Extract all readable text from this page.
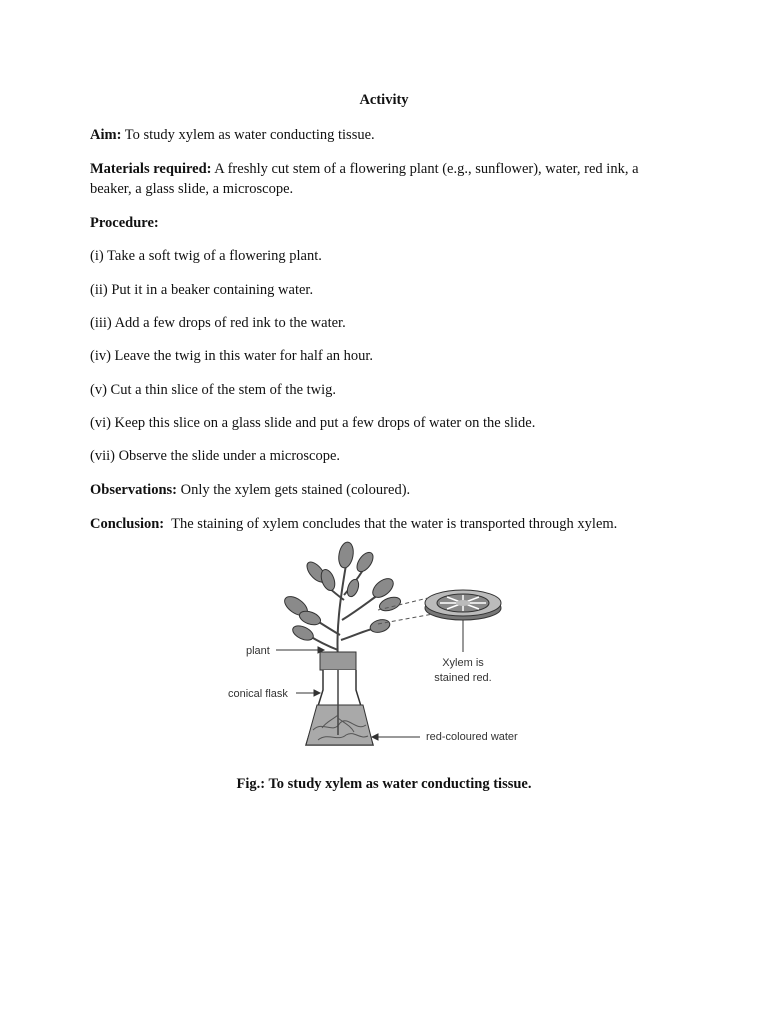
Activity
Aim: To study xylem as water conducting tissue.
Materials required: A freshly cut stem of a flowering plant (e.g., sunflower), water, red ink, a
beaker, a glass slide, a microscope.
Procedure:
(i) Take a soft twig of a flowering plant.
(ii) Put it in a beaker containing water.
(iii) Add a few drops of red ink to the water.
(iv) Leave the twig in this water for half an hour.
(v) Cut a thin slice of the stem of the twig.
(vi) Keep this slice on a glass slide and put a few drops of water on the slide.
(vii) Observe the slide under a microscope.
Observations: Only the xylem gets stained (coloured).
Conclusion:  The staining of xylem concludes that the water is transported through xylem.
plant
conical flask
Xylem is
stained red.
red-coloured water
Fig.: To study xylem as water conducting tissue.
